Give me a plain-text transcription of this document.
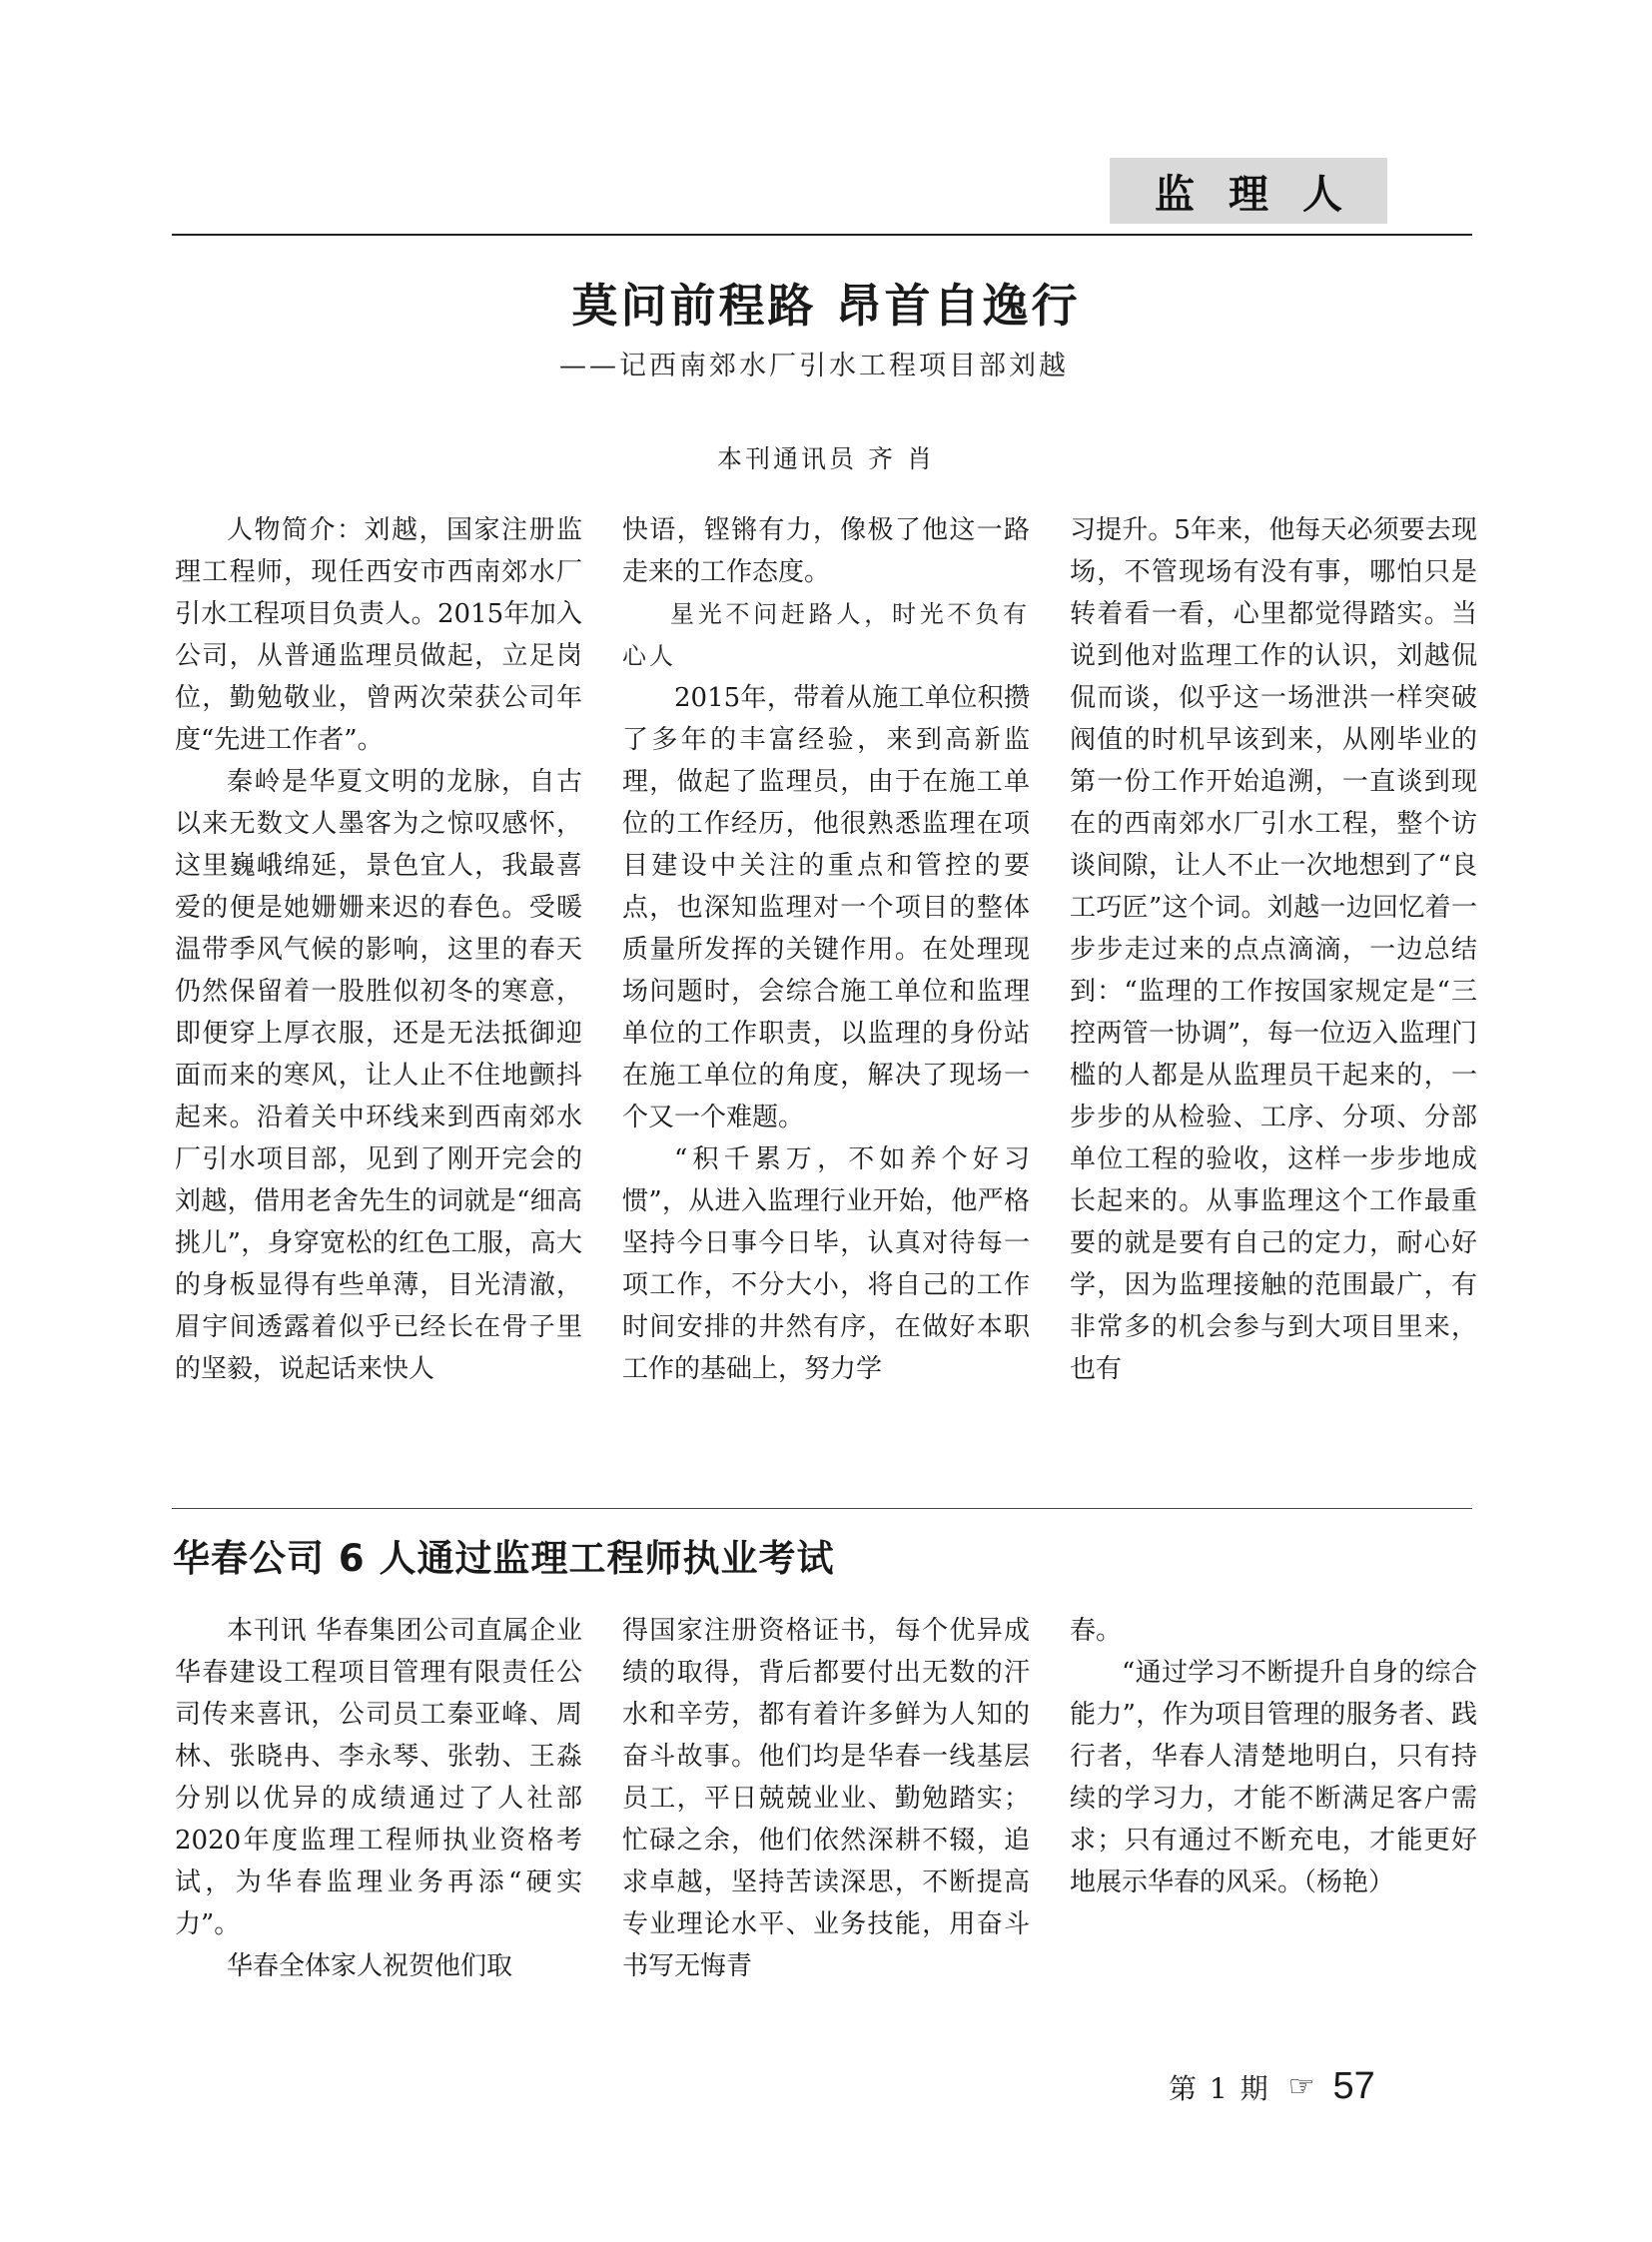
监 理 人
莫问前程路 昂首自逸行
——记西南郊水厂引水工程项目部刘越
本刊通讯员 齐 肖

人物简介：刘越，国家注册监理工程师，现任西安市西南郊水厂引水工程项目负责人。2015年加入公司，从普通监理员做起，立足岗位，勤勉敬业，曾两次荣获公司年度“先进工作者”。

秦岭是华夏文明的龙脉，自古以来无数文人墨客为之惊叹感怀，这里巍峨绵延，景色宜人，我最喜爱的便是她姗姗来迟的春色。受暖温带季风气候的影响，这里的春天仍然保留着一股胜似初冬的寒意，即便穿上厚衣服，还是无法抵御迎面而来的寒风，让人止不住地颤抖起来。沿着关中环线来到西南郊水厂引水项目部，见到了刚开完会的刘越，借用老舍先生的词就是“细高挑儿”，身穿宽松的红色工服，高大的身板显得有些单薄，目光清澈，眉宇间透露着似乎已经长在骨子里的坚毅，说起话来快人

快语，铿锵有力，像极了他这一路走来的工作态度。

星光不问赶路人，时光不负有心人

2015年，带着从施工单位积攒了多年的丰富经验，来到高新监理，做起了监理员，由于在施工单位的工作经历，他很熟悉监理在项目建设中关注的重点和管控的要点，也深知监理对一个项目的整体质量所发挥的关键作用。在处理现场问题时，会综合施工单位和监理单位的工作职责，以监理的身份站在施工单位的角度，解决了现场一个又一个难题。

“积千累万，不如养个好习惯”，从进入监理行业开始，他严格坚持今日事今日毕，认真对待每一项工作，不分大小，将自己的工作时间安排的井然有序，在做好本职工作的基础上，努力学

习提升。5年来，他每天必须要去现场，不管现场有没有事，哪怕只是转着看一看，心里都觉得踏实。当说到他对监理工作的认识，刘越侃侃而谈，似乎这一场泄洪一样突破阀值的时机早该到来，从刚毕业的第一份工作开始追溯，一直谈到现在的西南郊水厂引水工程，整个访谈间隙，让人不止一次地想到了“良工巧匠”这个词。刘越一边回忆着一步步走过来的点点滴滴，一边总结到：“监理的工作按国家规定是“三控两管一协调”，每一位迈入监理门槛的人都是从监理员干起来的，一步步的从检验、工序、分项、分部单位工程的验收，这样一步步地成长起来的。从事监理这个工作最重要的就是要有自己的定力，耐心好学，因为监理接触的范围最广，有非常多的机会参与到大项目里来，也有

华春公司 6 人通过监理工程师执业考试

本刊讯 华春集团公司直属企业华春建设工程项目管理有限责任公司传来喜讯，公司员工秦亚峰、周林、张晓冉、李永琴、张勃、王淼分别以优异的成绩通过了人社部2020年度监理工程师执业资格考试，为华春监理业务再添“硬实力”。

华春全体家人祝贺他们取

得国家注册资格证书，每个优异成绩的取得，背后都要付出无数的汗水和辛劳，都有着许多鲜为人知的奋斗故事。他们均是华春一线基层员工，平日兢兢业业、勤勉踏实；忙碌之余，他们依然深耕不辍，追求卓越，坚持苦读深思，不断提高专业理论水平、业务技能，用奋斗书写无悔青

春。

“通过学习不断提升自身的综合能力”，作为项目管理的服务者、践行者，华春人清楚地明白，只有持续的学习力，才能不断满足客户需求；只有通过不断充电，才能更好地展示华春的风采。（杨艳）

第 1 期 ☞ 57
